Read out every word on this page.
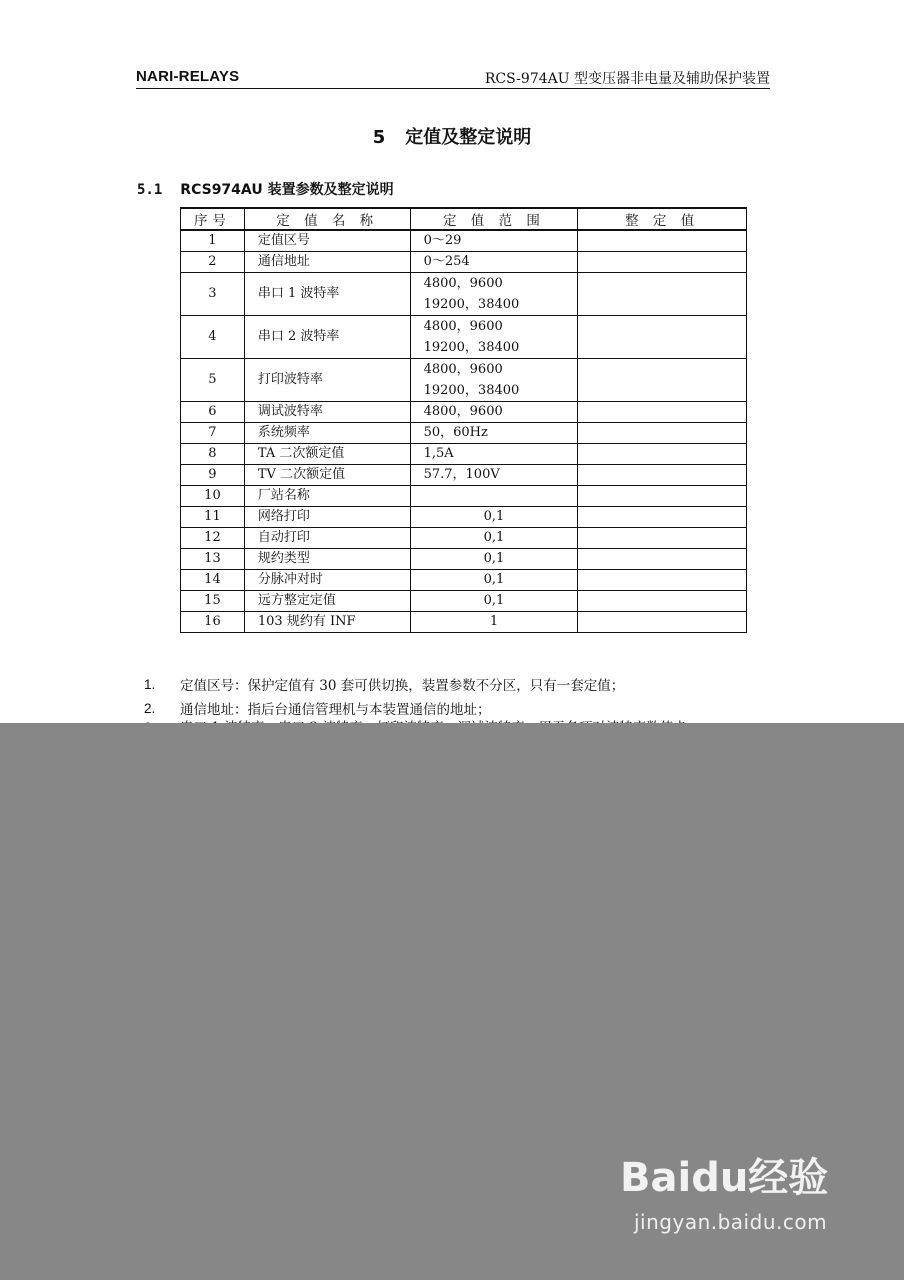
NARI-RELAYS	RCS-974AU 型变压器非电量及辅助保护装置
5 定值及整定说明
5.1 RCS974AU 装置参数及整定说明
序号	定 值 名 称	定 值 范 围	整 定 值
1	定值区号	0～29	

2	通信地址	0～254	

3	串口 1 波特率	4800，9600
19200，38400	

4	串口 2 波特率	4800，9600
19200，38400	

5	打印波特率	4800，9600
19200，38400	

6	调试波特率	4800，9600	

7	系统频率	50，60Hz	

8	TA 二次额定值	1,5A	

9	TV 二次额定值	57.7，100V	

10	厂站名称	

11	网络打印	0,1	

12	自动打印	0,1	

13	规约类型	0,1	

14	分脉冲对时	0,1	

15	远方整定定值	0,1	

16	103 规约有 INF	1	

1.	定值区号：保护定值有 30 套可供切换，装置参数不分区，只有一套定值；
2.	通信地址：指后台通信管理机与本装置通信的地址；
Baidu经验
jingyan.baidu.com
